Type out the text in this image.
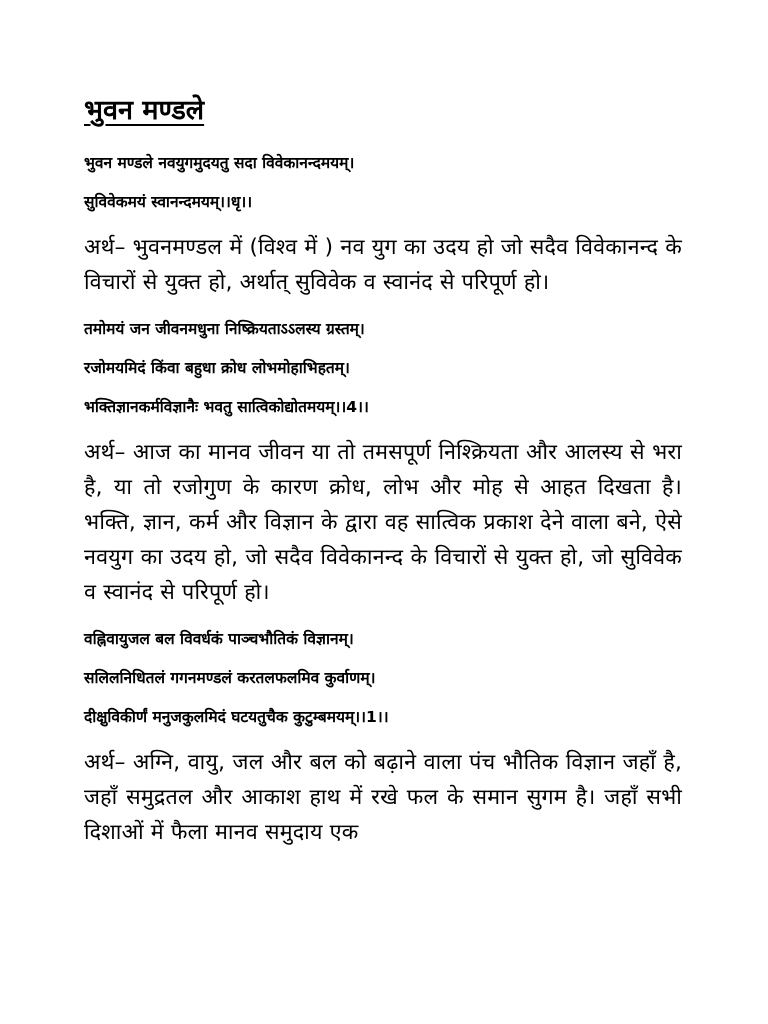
भुवन मण्डले

भुवन मण्डले नवयुगमुदयतु सदा विवेकानन्दमयम्।

सुविवेकमयं स्वानन्दमयम्।।धृ।।

अर्थ– भुवनमण्डल में (विश्व में ) नव युग का उदय हो जो सदैव विवेकानन्द के विचारों से युक्त हो, अर्थात् सुविवेक व स्वानंद से परिपूर्ण हो।

तमोमयं जन जीवनमधुना निष्क्रियताऽऽलस्य ग्रस्तम्।

रजोमयमिदं किंवा बहुधा क्रोध लोभमोहाभिहतम्।

भक्तिज्ञानकर्मविज्ञानैः भवतु सात्विकोद्योतमयम्।।4।।

अर्थ– आज का मानव जीवन या तो तमसपूर्ण निश्क्रियता और आलस्य से भरा है, या तो रजोगुण के कारण क्रोध, लोभ और मोह से आहत दिखता है। भक्ति, ज्ञान, कर्म और विज्ञान के द्वारा वह सात्विक प्रकाश देने वाला बने, ऐसे नवयुग का उदय हो, जो सदैव विवेकानन्द के विचारों से युक्त हो, जो सुविवेक व स्वानंद से परिपूर्ण हो।

वह्निवायुजल बल विवर्धकं पाञ्चभौतिकं विज्ञानम्।

सलिलनिधितलं गगनमण्डलं करतलफलमिव कुर्वाणम्।

दीक्षुविकीर्णं मनुजकुलमिदं घटयतुचैक कुटुम्बमयम्।।1।।

अर्थ– अग्नि, वायु, जल और बल को बढ़ाने वाला पंच भौतिक विज्ञान जहाँ है, जहाँ समुद्रतल और आकाश हाथ में रखे फल के समान सुगम है। जहाँ सभी दिशाओं में फैला मानव समुदाय एक
